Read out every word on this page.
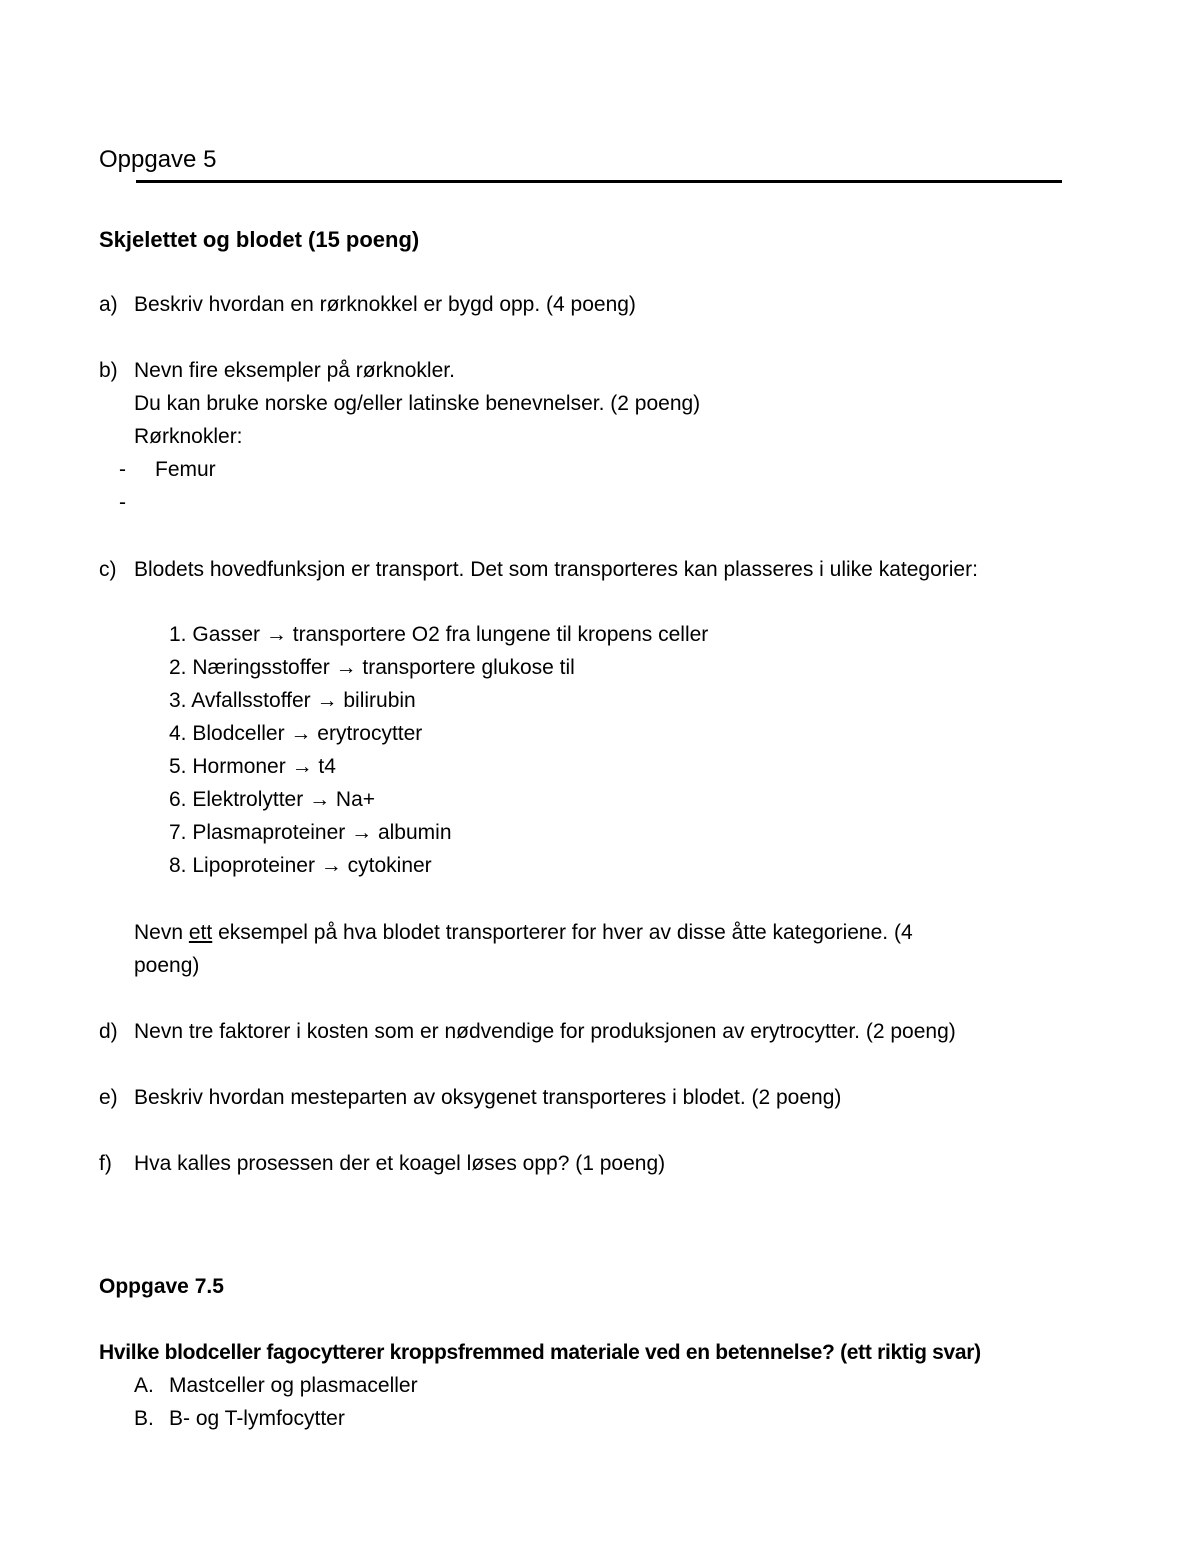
Oppgave 5
Skjelettet og blodet (15 poeng)
a) Beskriv hvordan en rørknokkel er bygd opp. (4 poeng)
b) Nevn fire eksempler på rørknokler.
Du kan bruke norske og/eller latinske benevnelser. (2 poeng)
Rørknokler:
- Femur
-
c) Blodets hovedfunksjon er transport. Det som transporteres kan plasseres i ulike kategorier:
1. Gasser → transportere O2 fra lungene til kropens celler
2. Næringsstoffer → transportere glukose til
3. Avfallsstoffer → bilirubin
4. Blodceller → erytrocytter
5. Hormoner → t4
6. Elektrolytter → Na+
7. Plasmaproteiner → albumin
8. Lipoproteiner → cytokiner
Nevn ett eksempel på hva blodet transporterer for hver av disse åtte kategoriene. (4
poeng)
d) Nevn tre faktorer i kosten som er nødvendige for produksjonen av erytrocytter. (2 poeng)
e) Beskriv hvordan mesteparten av oksygenet transporteres i blodet. (2 poeng)
f) Hva kalles prosessen der et koagel løses opp? (1 poeng)
Oppgave 7.5
Hvilke blodceller fagocytterer kroppsfremmed materiale ved en betennelse? (ett riktig svar)
A. Mastceller og plasmaceller
B. B- og T-lymfocytter
